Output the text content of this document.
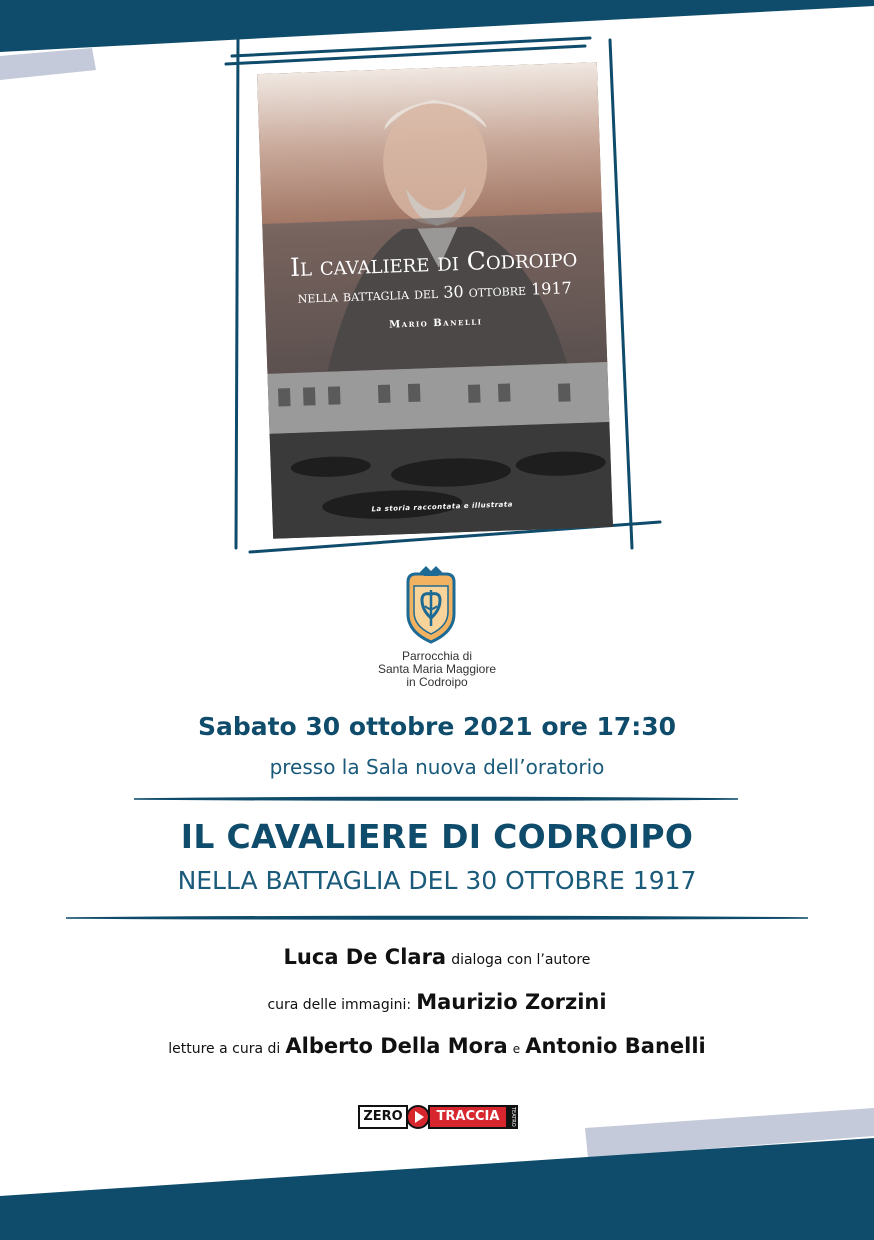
Il cavaliere di Codroipo
nella battaglia del 30 ottobre 1917
Mario Banelli
La storia raccontata e illustrata
Parrocchia di
Santa Maria Maggiore
in Codroipo
Sabato 30 ottobre 2021 ore 17:30
presso la Sala nuova dell’oratorio
IL CAVALIERE DI CODROIPO
NELLA BATTAGLIA DEL 30 OTTOBRE 1917
Luca De Clara dialoga con l’autore
cura delle immagini: Maurizio Zorzini
letture a cura di Alberto Della Mora e Antonio Banelli
ZERO	TRACCIA	TEATRO
